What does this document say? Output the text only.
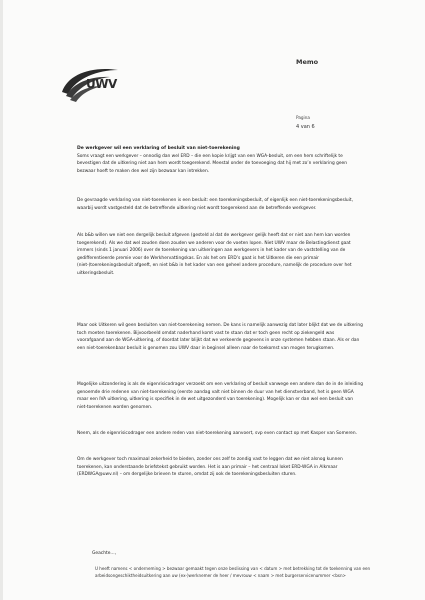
UWV
Memo
Pagina
4 van 6

De werkgever wil een verklaring of besluit van niet-toerekening

Soms vraagt een werkgever – onnodig dan wel ERD – die een kopie krijgt van een WGA-besluit, om een hem schriftelijk te bevestigen dat de uitkering niet aan hem wordt toegerekend. Meestal onder de toevoeging dat hij met zo’n verklaring geen bezwaar hoeft te maken den wel zijn bezwaar kan intrekken.

De gevraagde verklaring van niet-toerekenen is een besluit: een toerekeningsbesluit, of eigenlijk een niet-toerekeningsbesluit, waarbij wordt vastgesteld dat de betreffende uitkering niet wordt toegerekend aan de betreffende werkgever.
Als b&b willen we niet een dergelijk besluit afgeven (gesteld al dat de werkgever gelijk heeft dat er niet aan hem kan worden toegerekend). Als we dat wel zouden doen zouden we anderen voor de voeten lopen. Niet UWV maar de Belastingdienst gaat immers (sinds 1 januari 2006) over de toerekening van uitkeringen aan werkgevers in het kader van de vaststelling van de gedifferentieerde premie voor de Werkhervattingskas. En als het om ERD’s gaat is het Uitkeren die een primair (niet-)toerekeningsbesluit afgeeft, en niet b&b in het kader van een geheel andere procedure, namelijk de procedure over het uitkeringsbesluit.
Maar ook Uitkeren wil geen besluiten van niet-toerekening nemen. De kans is namelijk aanwezig dat later blijkt dat we de uitkering toch moeten toerekenen. Bijvoorbeeld omdat naderhand komt vast te staan dat er toch geen recht op ziekengeld was voorafgaand aan de WGA-uitkering, of doordat later blijkt dat we verkeerde gegevens in onze systemen hebben staan. Als er dan een niet-toerekenbaar besluit is genomen zou UWV daar in beginsel alleen naar de toekomst van mogen terugkomen.
Mogelijke uitzondering is als de eigenrisicodrager verzoekt om een verklaring of besluit vanwege een andere dan de in de inleiding genoemde drie redenen van niet-toerekening (eerste aandag valt niet binnen de duur van het dienstverband, het is geen WGA maar een IVA uitkering, uitkering is specifiek in de wet uitgezonderd van toerekening). Mogelijk kan er dan wel een besluit van niet-toerekenen worden genomen.
Neem, als de eigenrisicodrager een andere reden van niet-toerekening aanvoert, svp even contact op met Kasper van Someren.
Om de werkgever toch maximaal zekerheid te bieden, zonder ons zelf te zondig vast te leggen dat we niet alsnog kunnen toerekenen, kan onderstaande briefstekst gebruikt worden. Het is aan primair – het centraal loket ERD-WGA in Alkmaar (ERDWGA@uwv.nl) – om dergelijke brieven te sturen, omdat zij ook de toerekeningsbesluiten sturen.
Geachte...,
U heeft namens < onderneming > bezwaar gemaakt tegen onze beslissing van < datum > met betrekking tot de toekenning van een arbeidsongeschiktheidsuitkering aan uw (ex-)werknemer de heer / mevrouw < naam > met burgerservicenummer <bsn>
